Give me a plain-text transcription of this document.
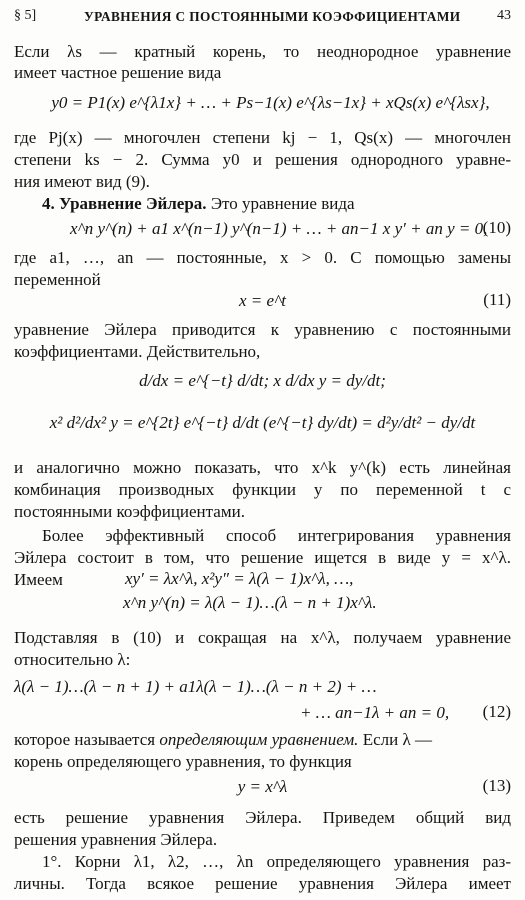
§ 5]	УРАВНЕНИЯ С ПОСТОЯННЫМИ КОЭФФИЦИЕНТАМИ	43
Если λs — кратный корень, то неоднородное уравнение
имеет частное решение вида
y0 = P1(x) e^{λ1x} + … + Ps−1(x) e^{λs−1x} + xQs(x) e^{λsx},
где Pj(x) — многочлен степени kj − 1, Qs(x) — многочлен
степени ks − 2. Сумма y0 и решения однородного уравне-
ния имеют вид (9).
4. Уравнение Эйлера. Это уравнение вида
x^n y^(n) + a1 x^(n−1) y^(n−1) + … + an−1 x y′ + an y = 0,
(10)
где a1, …, an — постоянные, x > 0. С помощью замены
переменной
x = e^t	(11)
уравнение Эйлера приводится к уравнению с постоянными
коэффициентами. Действительно,
d/dx = e^{−t} d/dt; x d/dx y = dy/dt;
x² d²/dx² y = e^{2t} e^{−t} d/dt (e^{−t} dy/dt) = d²y/dt² − dy/dt
и аналогично можно показать, что x^k y^(k) есть линейная
комбинация производных функции y по переменной t с
постоянными коэффициентами.
Более эффективный способ интегрирования уравнения
Эйлера состоит в том, что решение ищется в виде y = x^λ.
Имеем	xy′ = λx^λ, x²y″ = λ(λ − 1)x^λ, …,
x^n y^(n) = λ(λ − 1)…(λ − n + 1)x^λ.
Подставляя в (10) и сокращая на x^λ, получаем уравнение
относительно λ:
λ(λ − 1)…(λ − n + 1) + a1λ(λ − 1)…(λ − n + 2) + …
+ … an−1λ + an = 0,	(12)
которое называется определяющим уравнением. Если λ —
корень определяющего уравнения, то функция
y = x^λ	(13)
есть решение уравнения Эйлера. Приведем общий вид
решения уравнения Эйлера.
1°. Корни λ1, λ2, …, λn определяющего уравнения раз-
личны. Тогда всякое решение уравнения Эйлера имеет
